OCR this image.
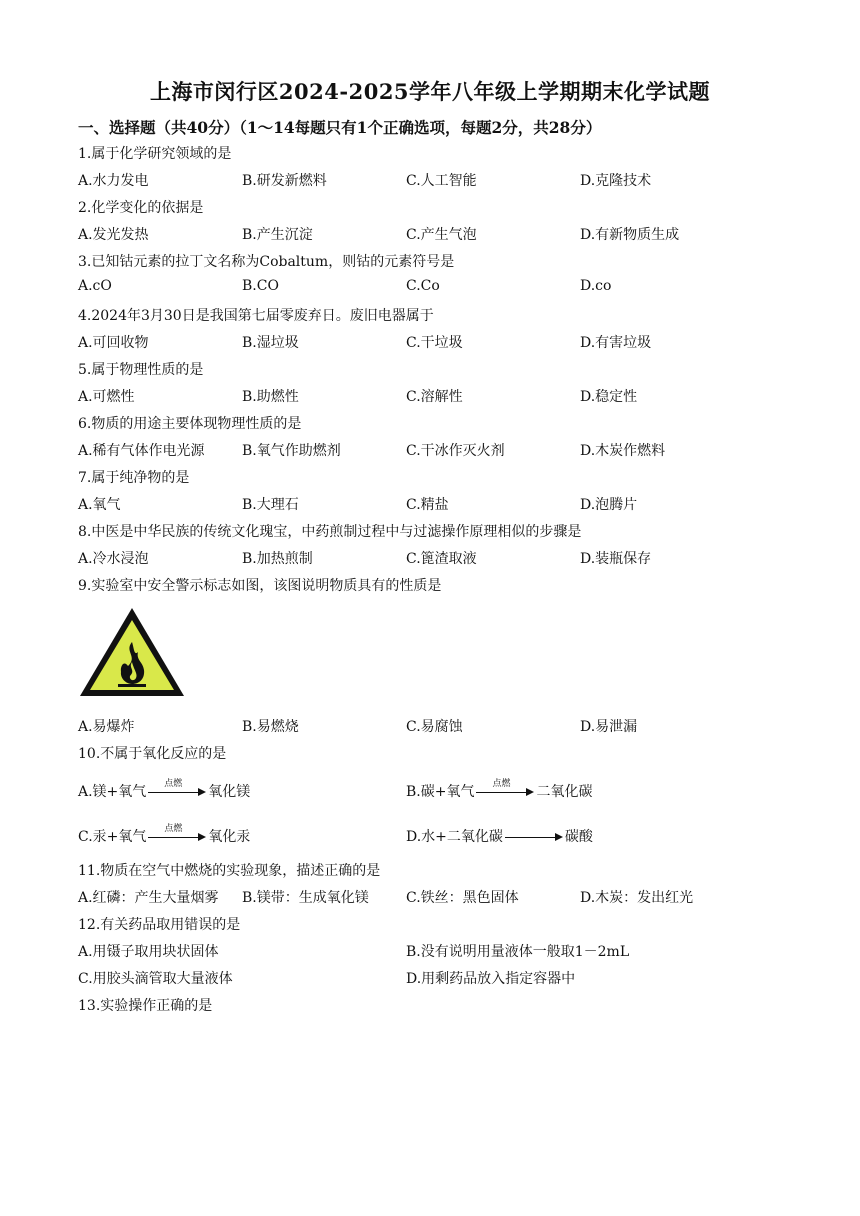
上海市闵行区2024-2025学年八年级上学期期末化学试题
一、选择题（共40分）（1～14每题只有1个正确选项，每题2分，共28分）
1.属于化学研究领域的是
A.水力发电	B.研发新燃料	C.人工智能	D.克隆技术
2.化学变化的依据是
A.发光发热	B.产生沉淀	C.产生气泡	D.有新物质生成
3.已知钴元素的拉丁文名称为Cobaltum，则钴的元素符号是
A.cO	B.CO	C.Co	D.co
4.2024年3月30日是我国第七届零废弃日。废旧电器属于
A.可回收物	B.湿垃圾	C.干垃圾	D.有害垃圾
5.属于物理性质的是
A.可燃性	B.助燃性	C.溶解性	D.稳定性
6.物质的用途主要体现物理性质的是
A.稀有气体作电光源	B.氧气作助燃剂	C.干冰作灭火剂	D.木炭作燃料
7.属于纯净物的是
A.氧气	B.大理石	C.精盐	D.泡腾片
8.中医是中华民族的传统文化瑰宝，中药煎制过程中与过滤操作原理相似的步骤是
A.冷水浸泡	B.加热煎制	C.篦渣取液	D.装瓶保存
9.实验室中安全警示标志如图，该图说明物质具有的性质是
A.易爆炸	B.易燃烧	C.易腐蚀	D.易泄漏
10.不属于氧化反应的是
A.镁+氧气	点燃	氧化镁	B.碳+氧气	点燃	二氧化碳
C.汞+氧气	点燃	氧化汞	D.水+二氧化碳	碳酸
11.物质在空气中燃烧的实验现象，描述正确的是
A.红磷：产生大量烟雾 B.镁带：生成氧化镁	C.铁丝：黑色固体	D.木炭：发出红光
12.有关药品取用错误的是
A.用镊子取用块状固体	B.没有说明用量液体一般取1－2mL
C.用胶头滴管取大量液体	D.用剩药品放入指定容器中
13.实验操作正确的是
